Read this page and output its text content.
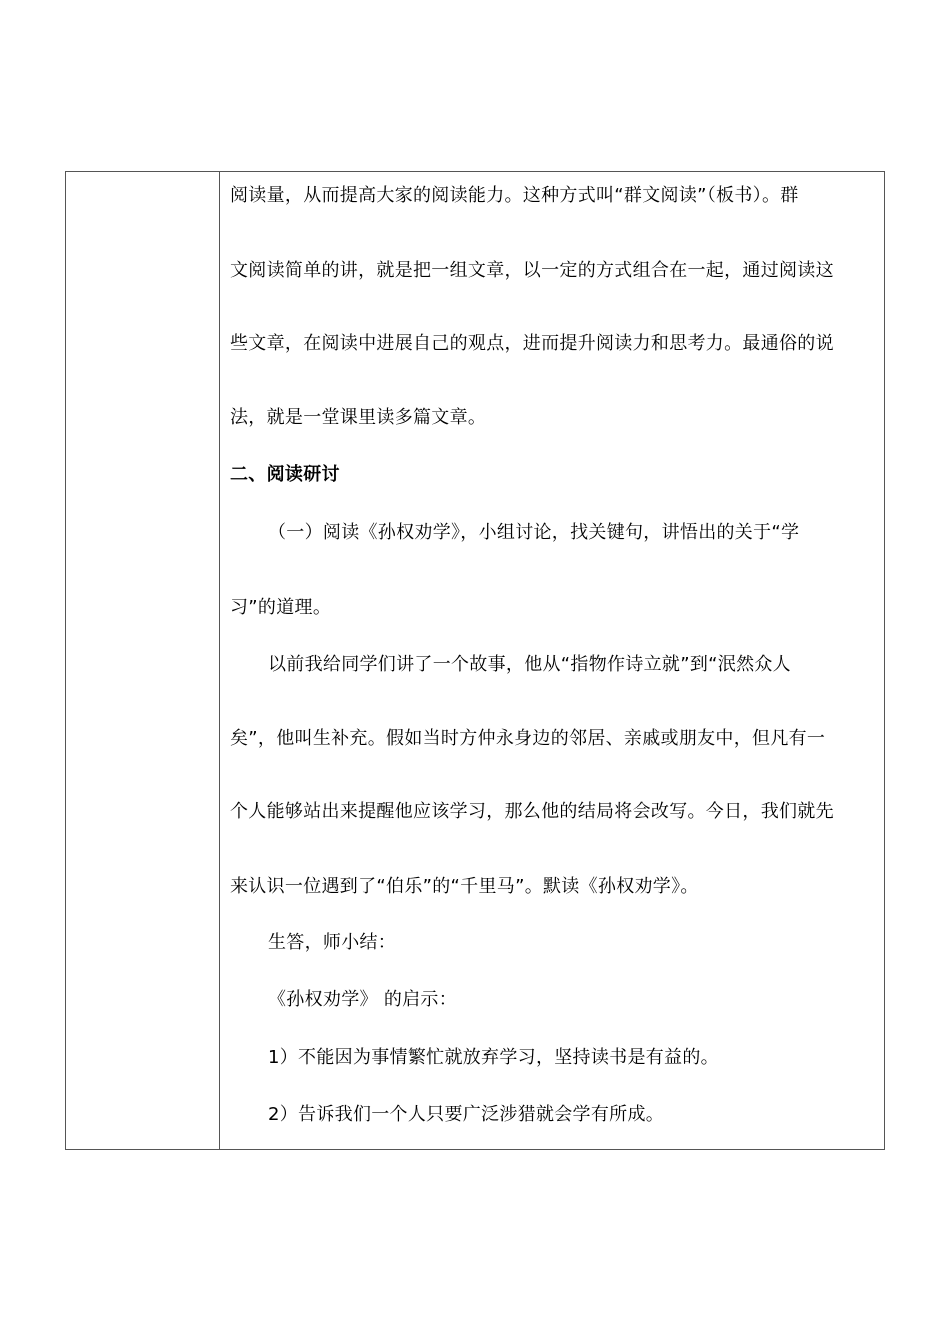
阅读量，从而提高大家的阅读能力。这种方式叫“群文阅读”（板书）。群
文阅读简单的讲，就是把一组文章，以一定的方式组合在一起，通过阅读这
些文章，在阅读中进展自己的观点，进而提升阅读力和思考力。最通俗的说
法，就是一堂课里读多篇文章。
二、阅读研讨
（一）阅读《孙权劝学》，小组讨论，找关键句，讲悟出的关于“学
习”的道理。
以前我给同学们讲了一个故事，他从“指物作诗立就”到“泯然众人
矣”，他叫生补充。假如当时方仲永身边的邻居、亲戚或朋友中，但凡有一
个人能够站出来提醒他应该学习，那么他的结局将会改写。今日，我们就先
来认识一位遇到了“伯乐”的“千里马”。默读《孙权劝学》。
生答，师小结：
《孙权劝学》 的启示：
1）不能因为事情繁忙就放弃学习，坚持读书是有益的。
2）告诉我们一个人只要广泛涉猎就会学有所成。
